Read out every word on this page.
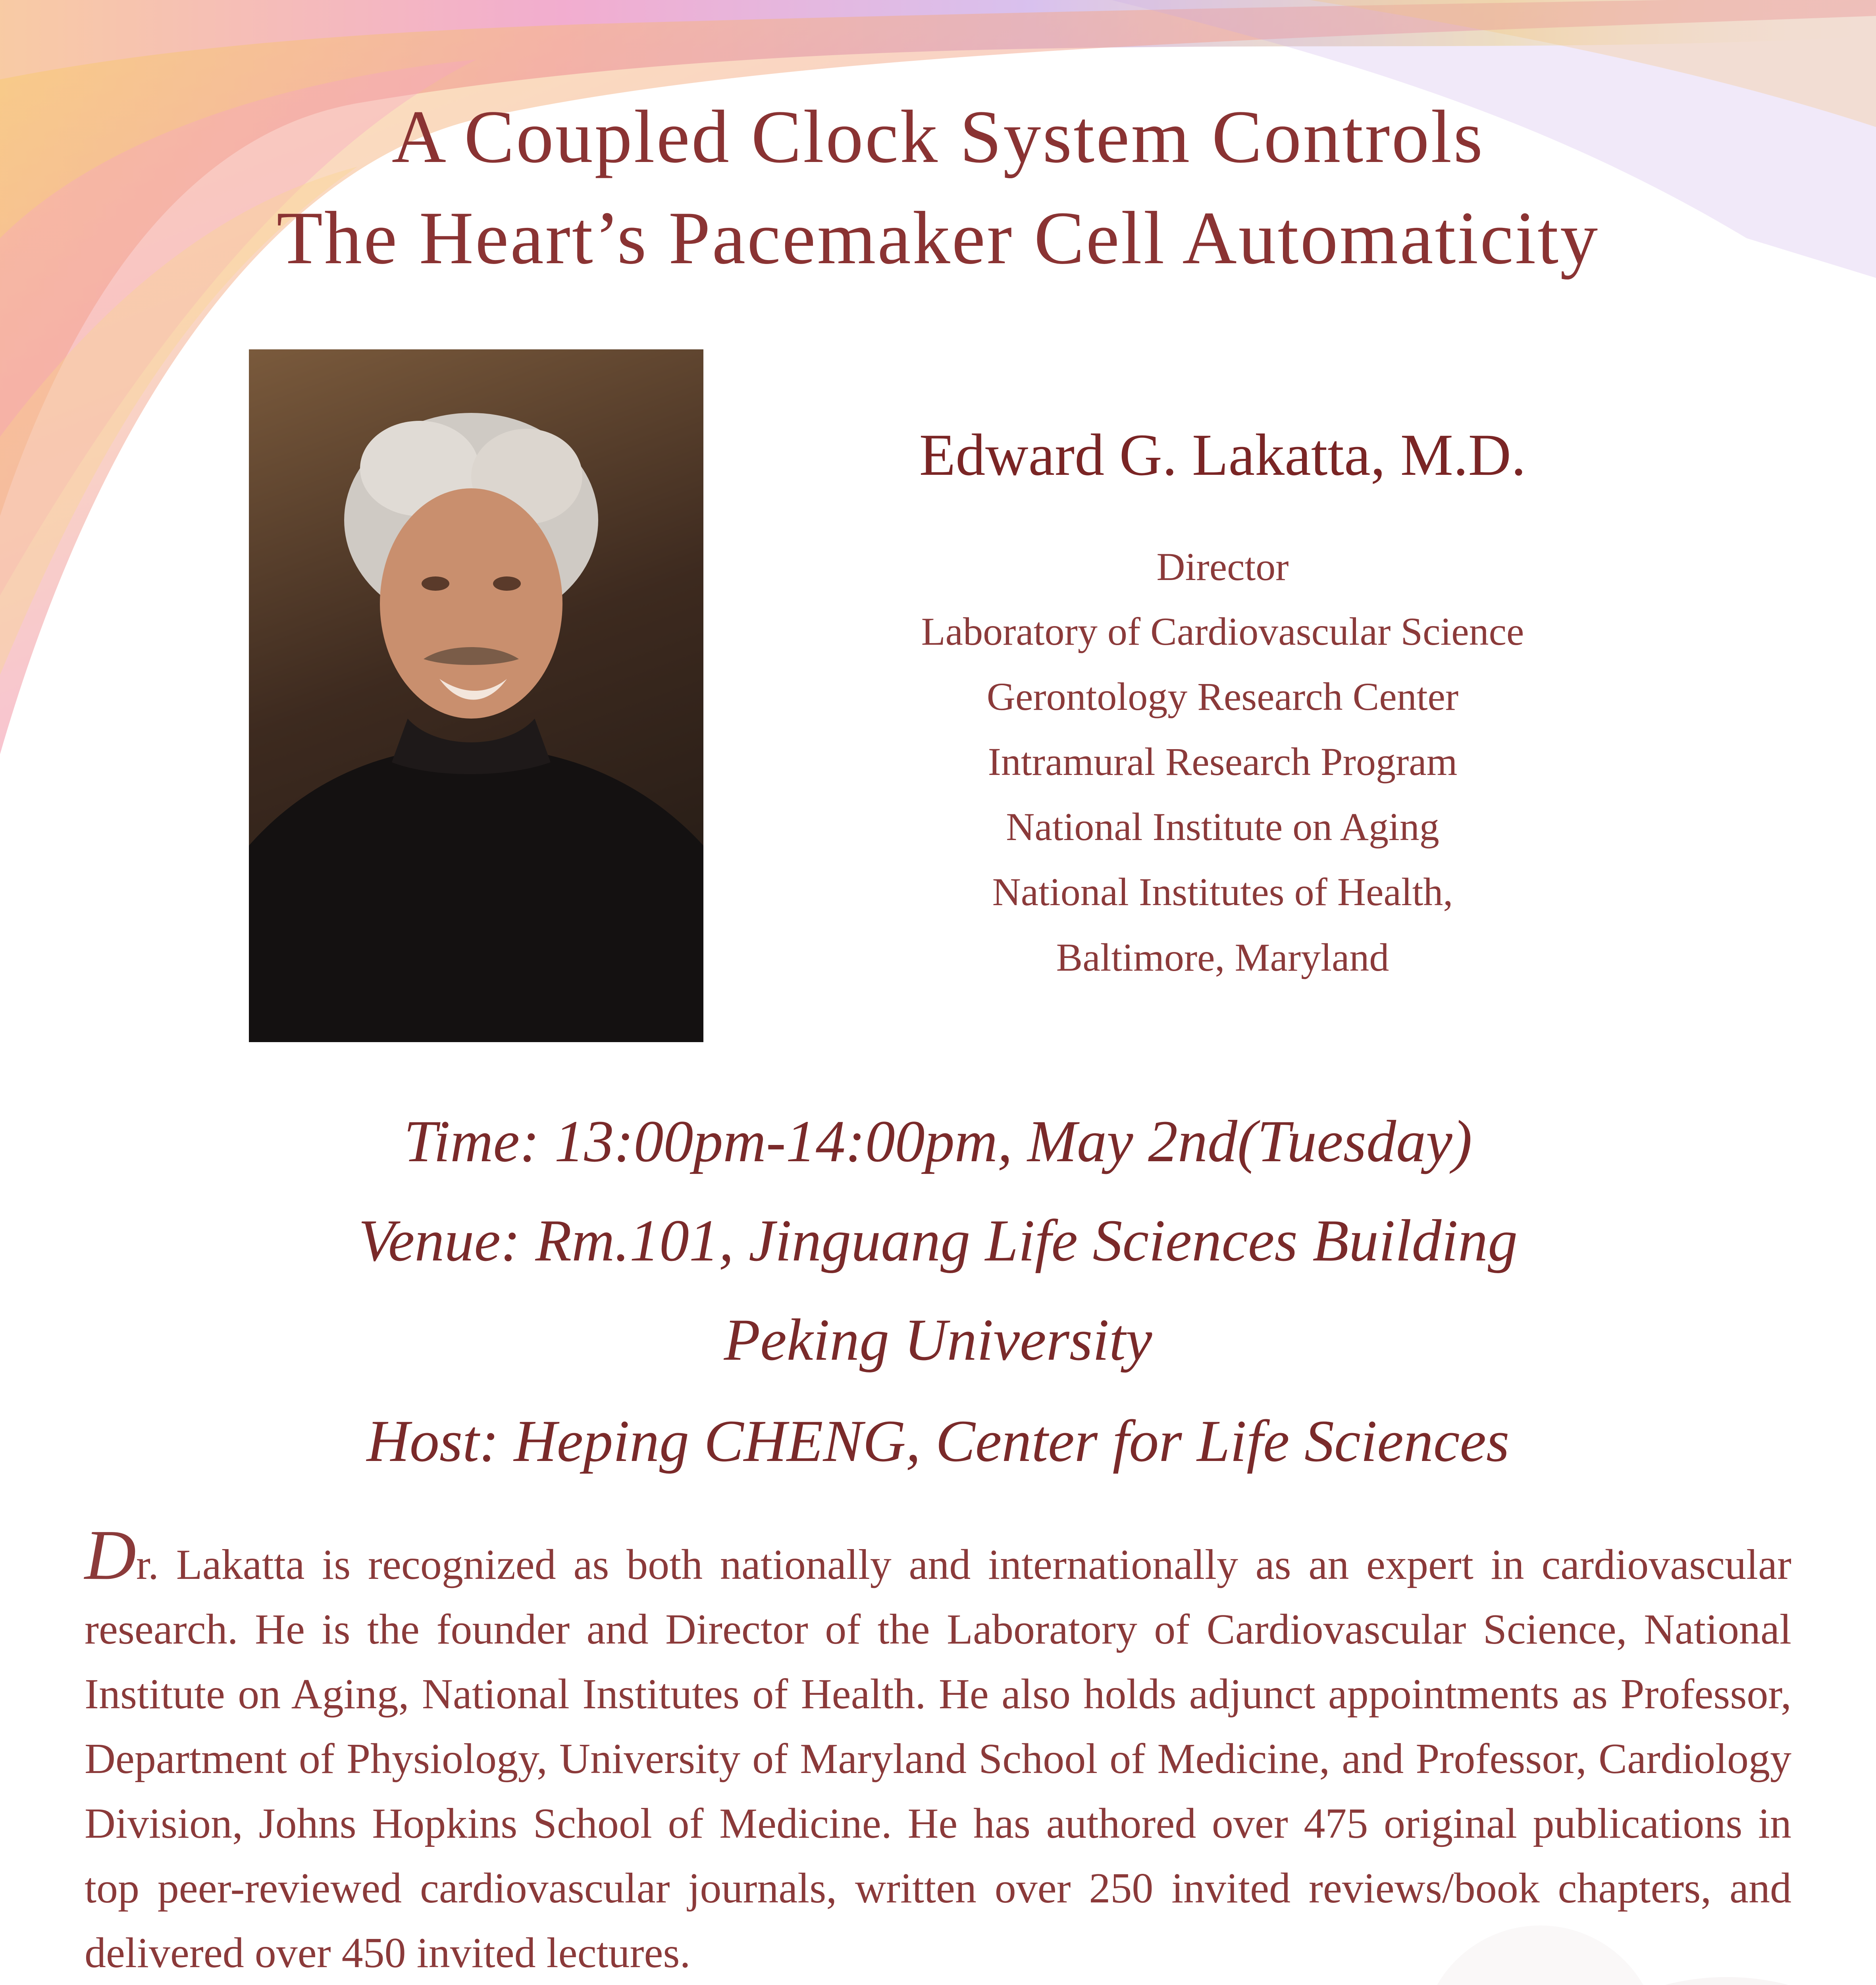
A Coupled Clock System Controls
The Heart’s Pacemaker Cell Automaticity
Edward G. Lakatta, M.D.
Director
Laboratory of Cardiovascular Science
Gerontology Research Center
Intramural Research Program
National Institute on Aging
National Institutes of Health,
Baltimore, Maryland
Time: 13:00pm-14:00pm, May 2nd(Tuesday)
Venue: Rm.101, Jinguang Life Sciences Building
Peking University
Host: Heping CHENG, Center for Life Sciences

Dr. Lakatta is recognized as both nationally and internationally as an expert in cardiovascular research. He is the founder and Director of the Laboratory of Cardiovascular Science, National Institute on Aging, National Institutes of Health. He also holds adjunct appointments as Professor, Department of Physiology, University of Maryland School of Medicine, and Professor, Cardiology Division, Johns Hopkins School of Medicine. He has authored over 475 original publications in top peer-reviewed cardiovascular journals, written over 250 invited reviews/book chapters, and delivered over 450 invited lectures.
